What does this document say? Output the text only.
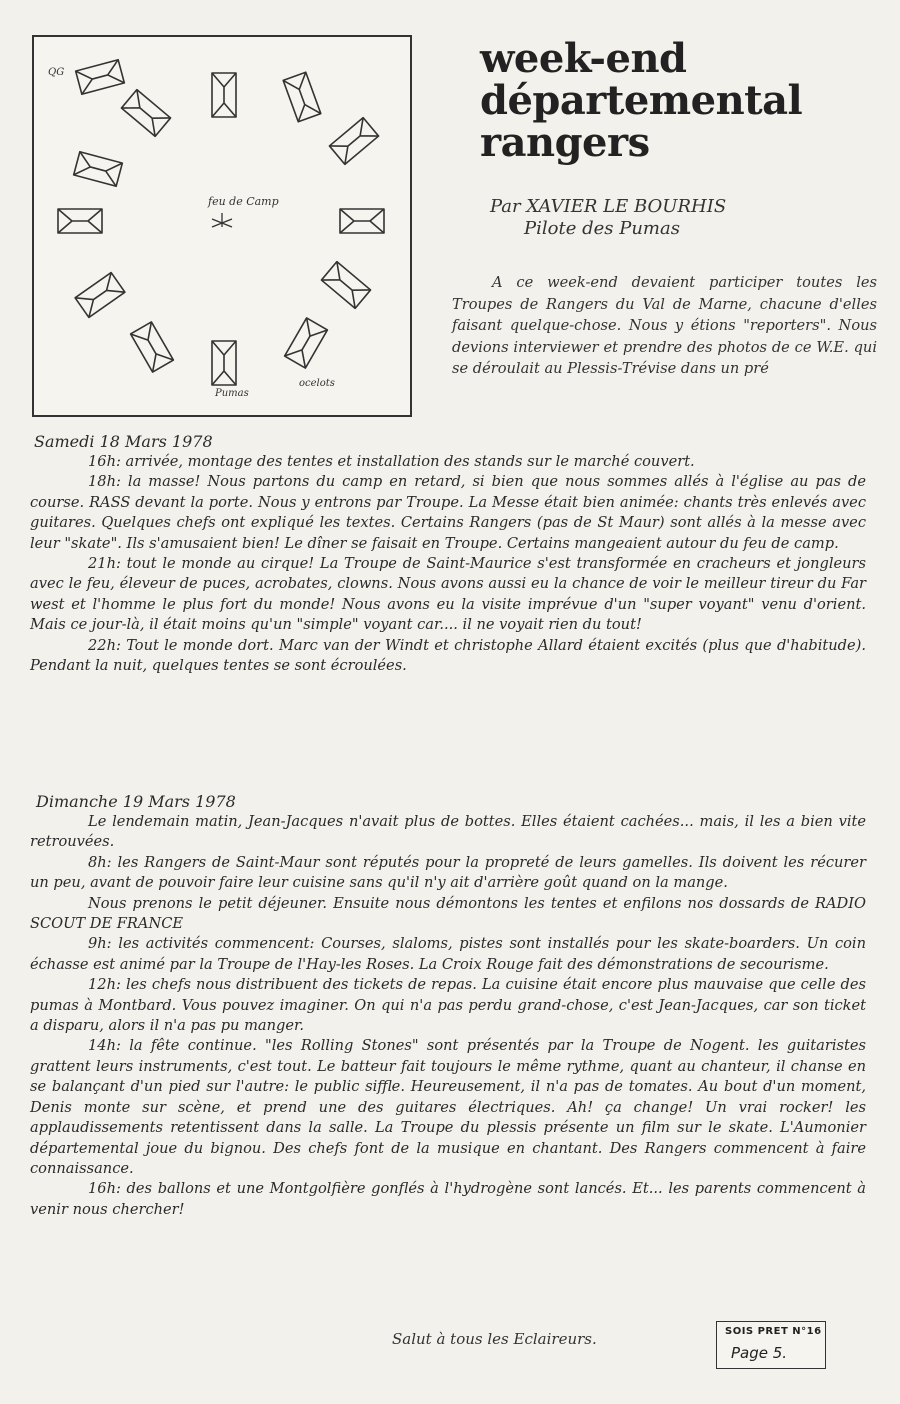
QG
feu de Camp
Pumas
ocelots
week-end
départemental
rangers
Par XAVIER LE BOURHIS
Pilote des Pumas
A ce week-end devaient participer toutes les Troupes de Rangers du Val de Marne, chacune d'elles faisant quelque-chose. Nous y étions "reporters". Nous devions interviewer et prendre des photos de ce W.E. qui se déroulait au Plessis-Trévise dans un pré
Samedi 18 Mars 1978

16h: arrivée, montage des tentes et installation des stands sur le marché couvert.

18h: la masse! Nous partons du camp en retard, si bien que nous sommes allés à l'église au pas de course. RASS devant la porte. Nous y entrons par Troupe. La Messe était bien animée: chants très enlevés avec guitares. Quelques chefs ont expliqué les textes. Certains Rangers (pas de St Maur) sont allés à la messe avec leur "skate". Ils s'amusaient bien! Le dîner se faisait en Troupe. Certains mangeaient autour du feu de camp.

21h: tout le monde au cirque! La Troupe de Saint-Maurice s'est transformée en cracheurs et jongleurs avec le feu, éleveur de puces, acrobates, clowns. Nous avons aussi eu la chance de voir le meilleur tireur du Far west et l'homme le plus fort du monde! Nous avons eu la visite imprévue d'un "super voyant" venu d'orient. Mais ce jour-là, il était moins qu'un "simple" voyant car.... il ne voyait rien du tout!

22h: Tout le monde dort. Marc van der Windt et christophe Allard étaient excités (plus que d'habitude). Pendant la nuit, quelques tentes se sont écroulées.

Dimanche 19 Mars 1978

Le lendemain matin, Jean-Jacques n'avait plus de bottes. Elles étaient cachées... mais, il les a bien vite retrouvées.

8h: les Rangers de Saint-Maur sont réputés pour la propreté de leurs gamelles. Ils doivent les récurer un peu, avant de pouvoir faire leur cuisine sans qu'il n'y ait d'arrière goût quand on la mange.

Nous prenons le petit déjeuner. Ensuite nous démontons les tentes et enfilons nos dossards de RADIO SCOUT DE FRANCE

9h: les activités commencent: Courses, slaloms, pistes sont installés pour les skate-boarders. Un coin échasse est animé par la Troupe de l'Hay-les Roses. La Croix Rouge fait des démonstrations de secourisme.

12h: les chefs nous distribuent des tickets de repas. La cuisine était encore plus mauvaise que celle des pumas à Montbard. Vous pouvez imaginer. On qui n'a pas perdu grand-chose, c'est Jean-Jacques, car son ticket a disparu, alors il n'a pas pu manger.

14h: la fête continue. "les Rolling Stones" sont présentés par la Troupe de Nogent. les guitaristes grattent leurs instruments, c'est tout. Le batteur fait toujours le même rythme, quant au chanteur, il chanse en se balançant d'un pied sur l'autre: le public siffle. Heureusement, il n'a pas de tomates. Au bout d'un moment, Denis monte sur scène, et prend une des guitares électriques. Ah! ça change! Un vrai rocker! les applaudissements retentissent dans la salle. La Troupe du plessis présente un film sur le skate. L'Aumonier départemental joue du bignou. Des chefs font de la musique en chantant. Des Rangers commencent à faire connaissance.

16h: des ballons et une Montgolfière gonflés à l'hydrogène sont lancés. Et... les parents commencent à venir nous chercher!

Salut à tous les Eclaireurs.	SOIS PRET N°16
Page 5.
